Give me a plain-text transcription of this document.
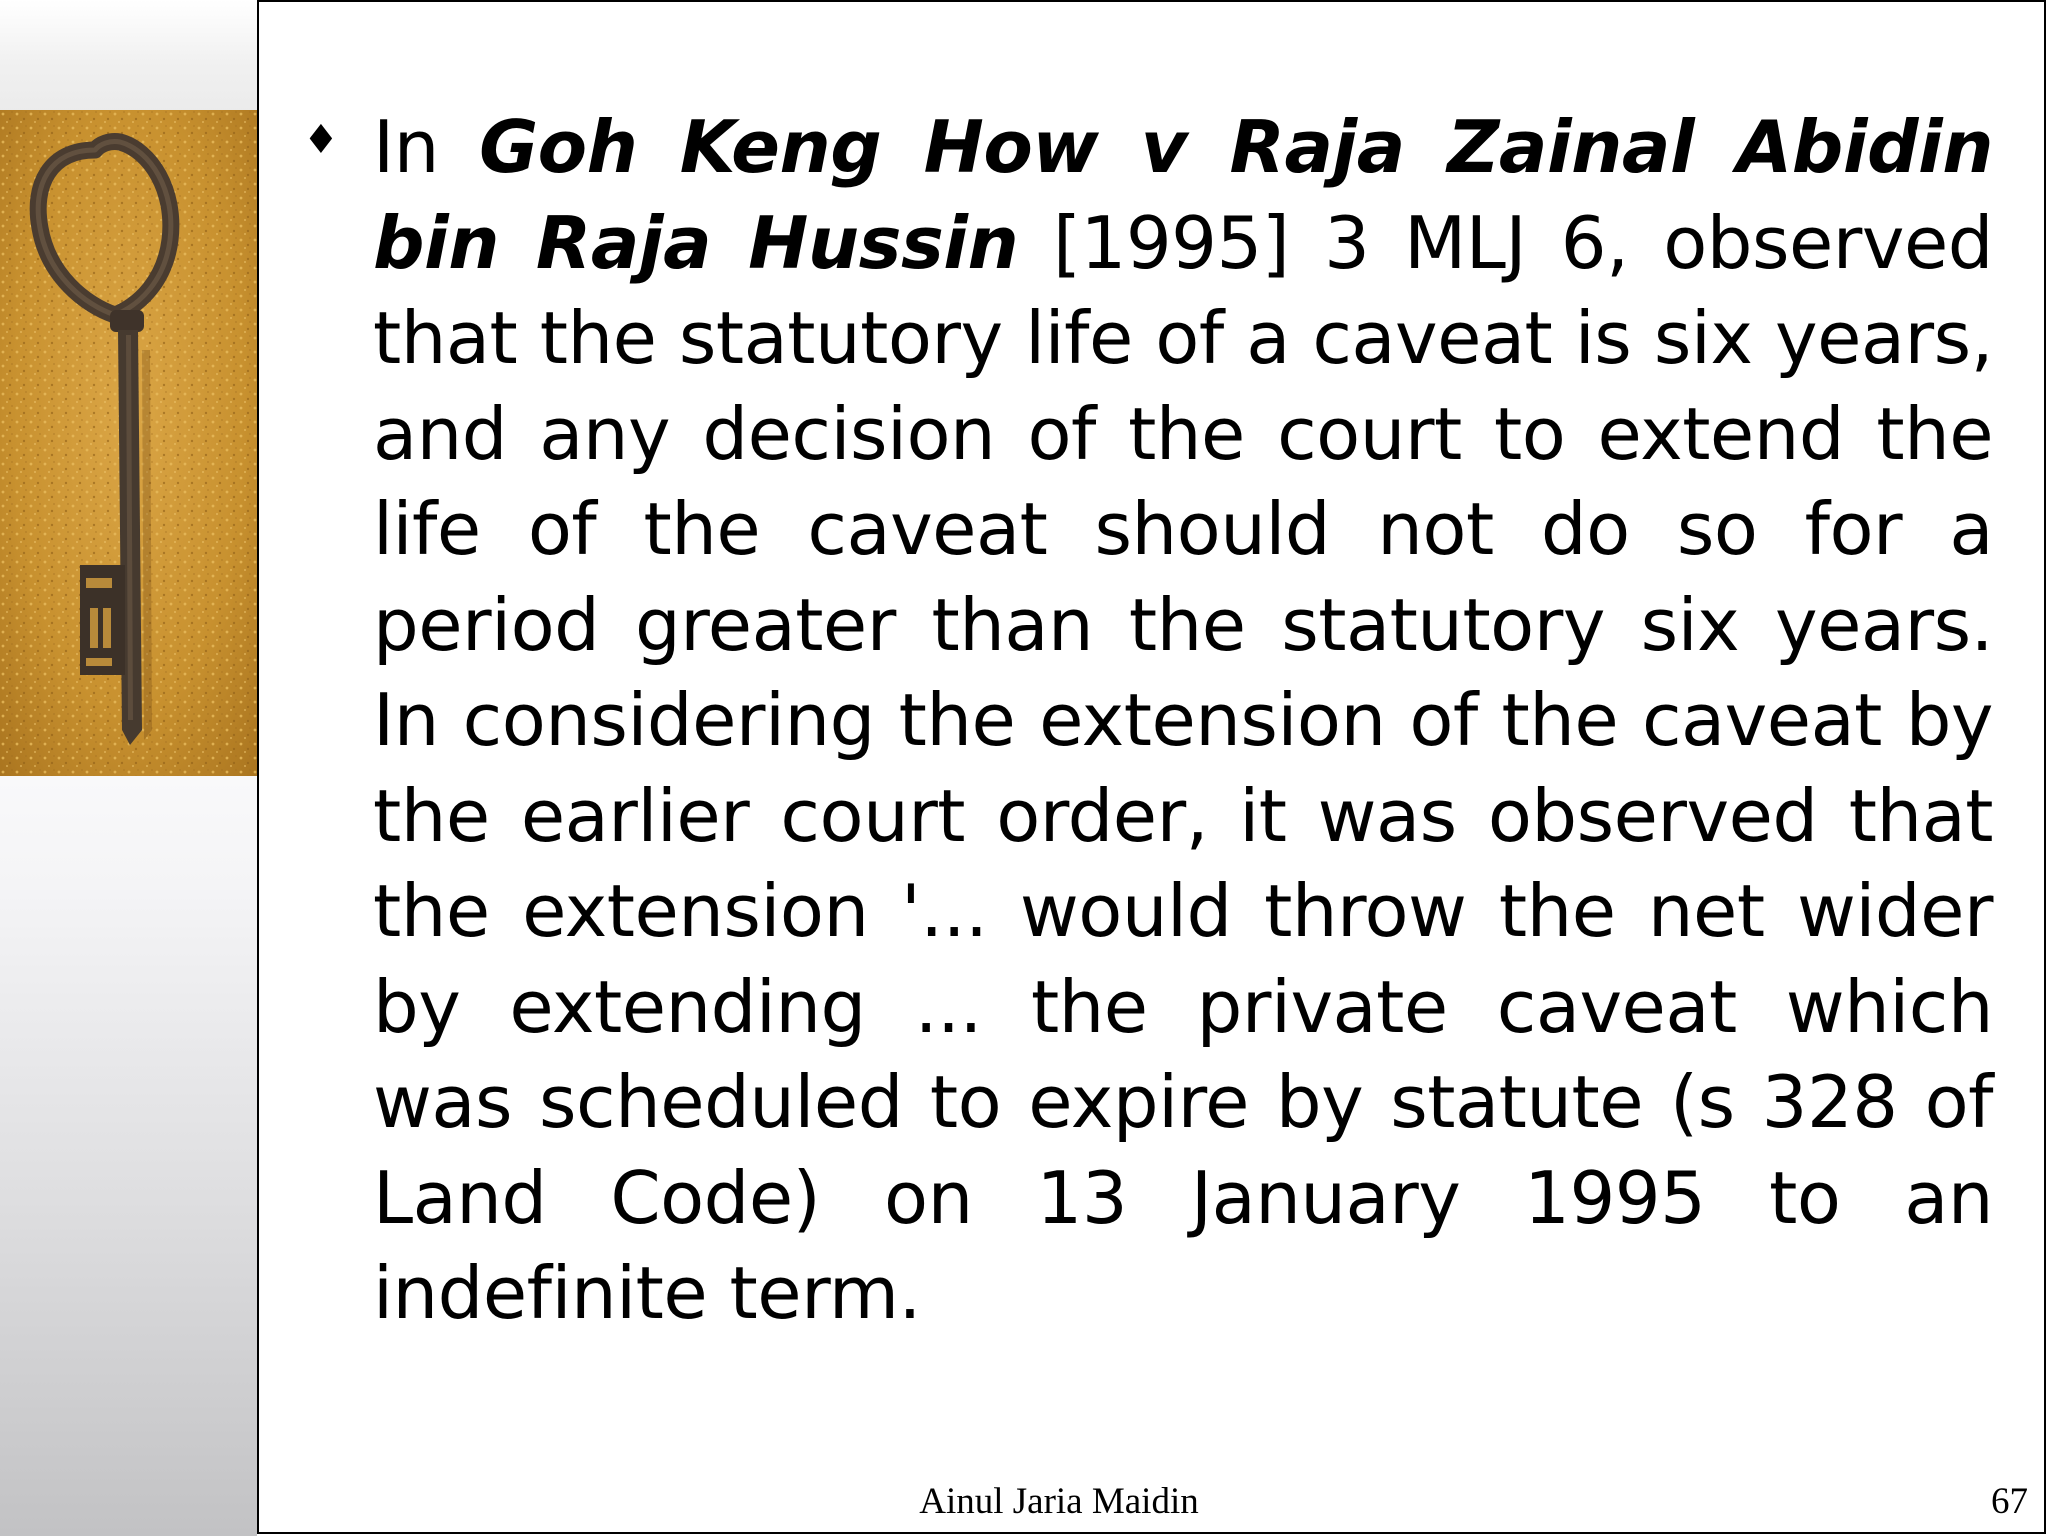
♦ In Goh Keng How v Raja Zainal Abidin bin Raja Hussin [1995] 3 MLJ 6, observed that the statutory life of a caveat is six years, and any decision of the court to extend the life of the caveat should not do so for a period greater than the statutory six years. In considering the extension of the caveat by the earlier court order, it was observed that the extension '... would throw the net wider by extending ... the private caveat which was scheduled to expire by statute (s 328 of Land Code) on 13 January 1995 to an indefinite term.

Ainul Jaria Maidin	67
